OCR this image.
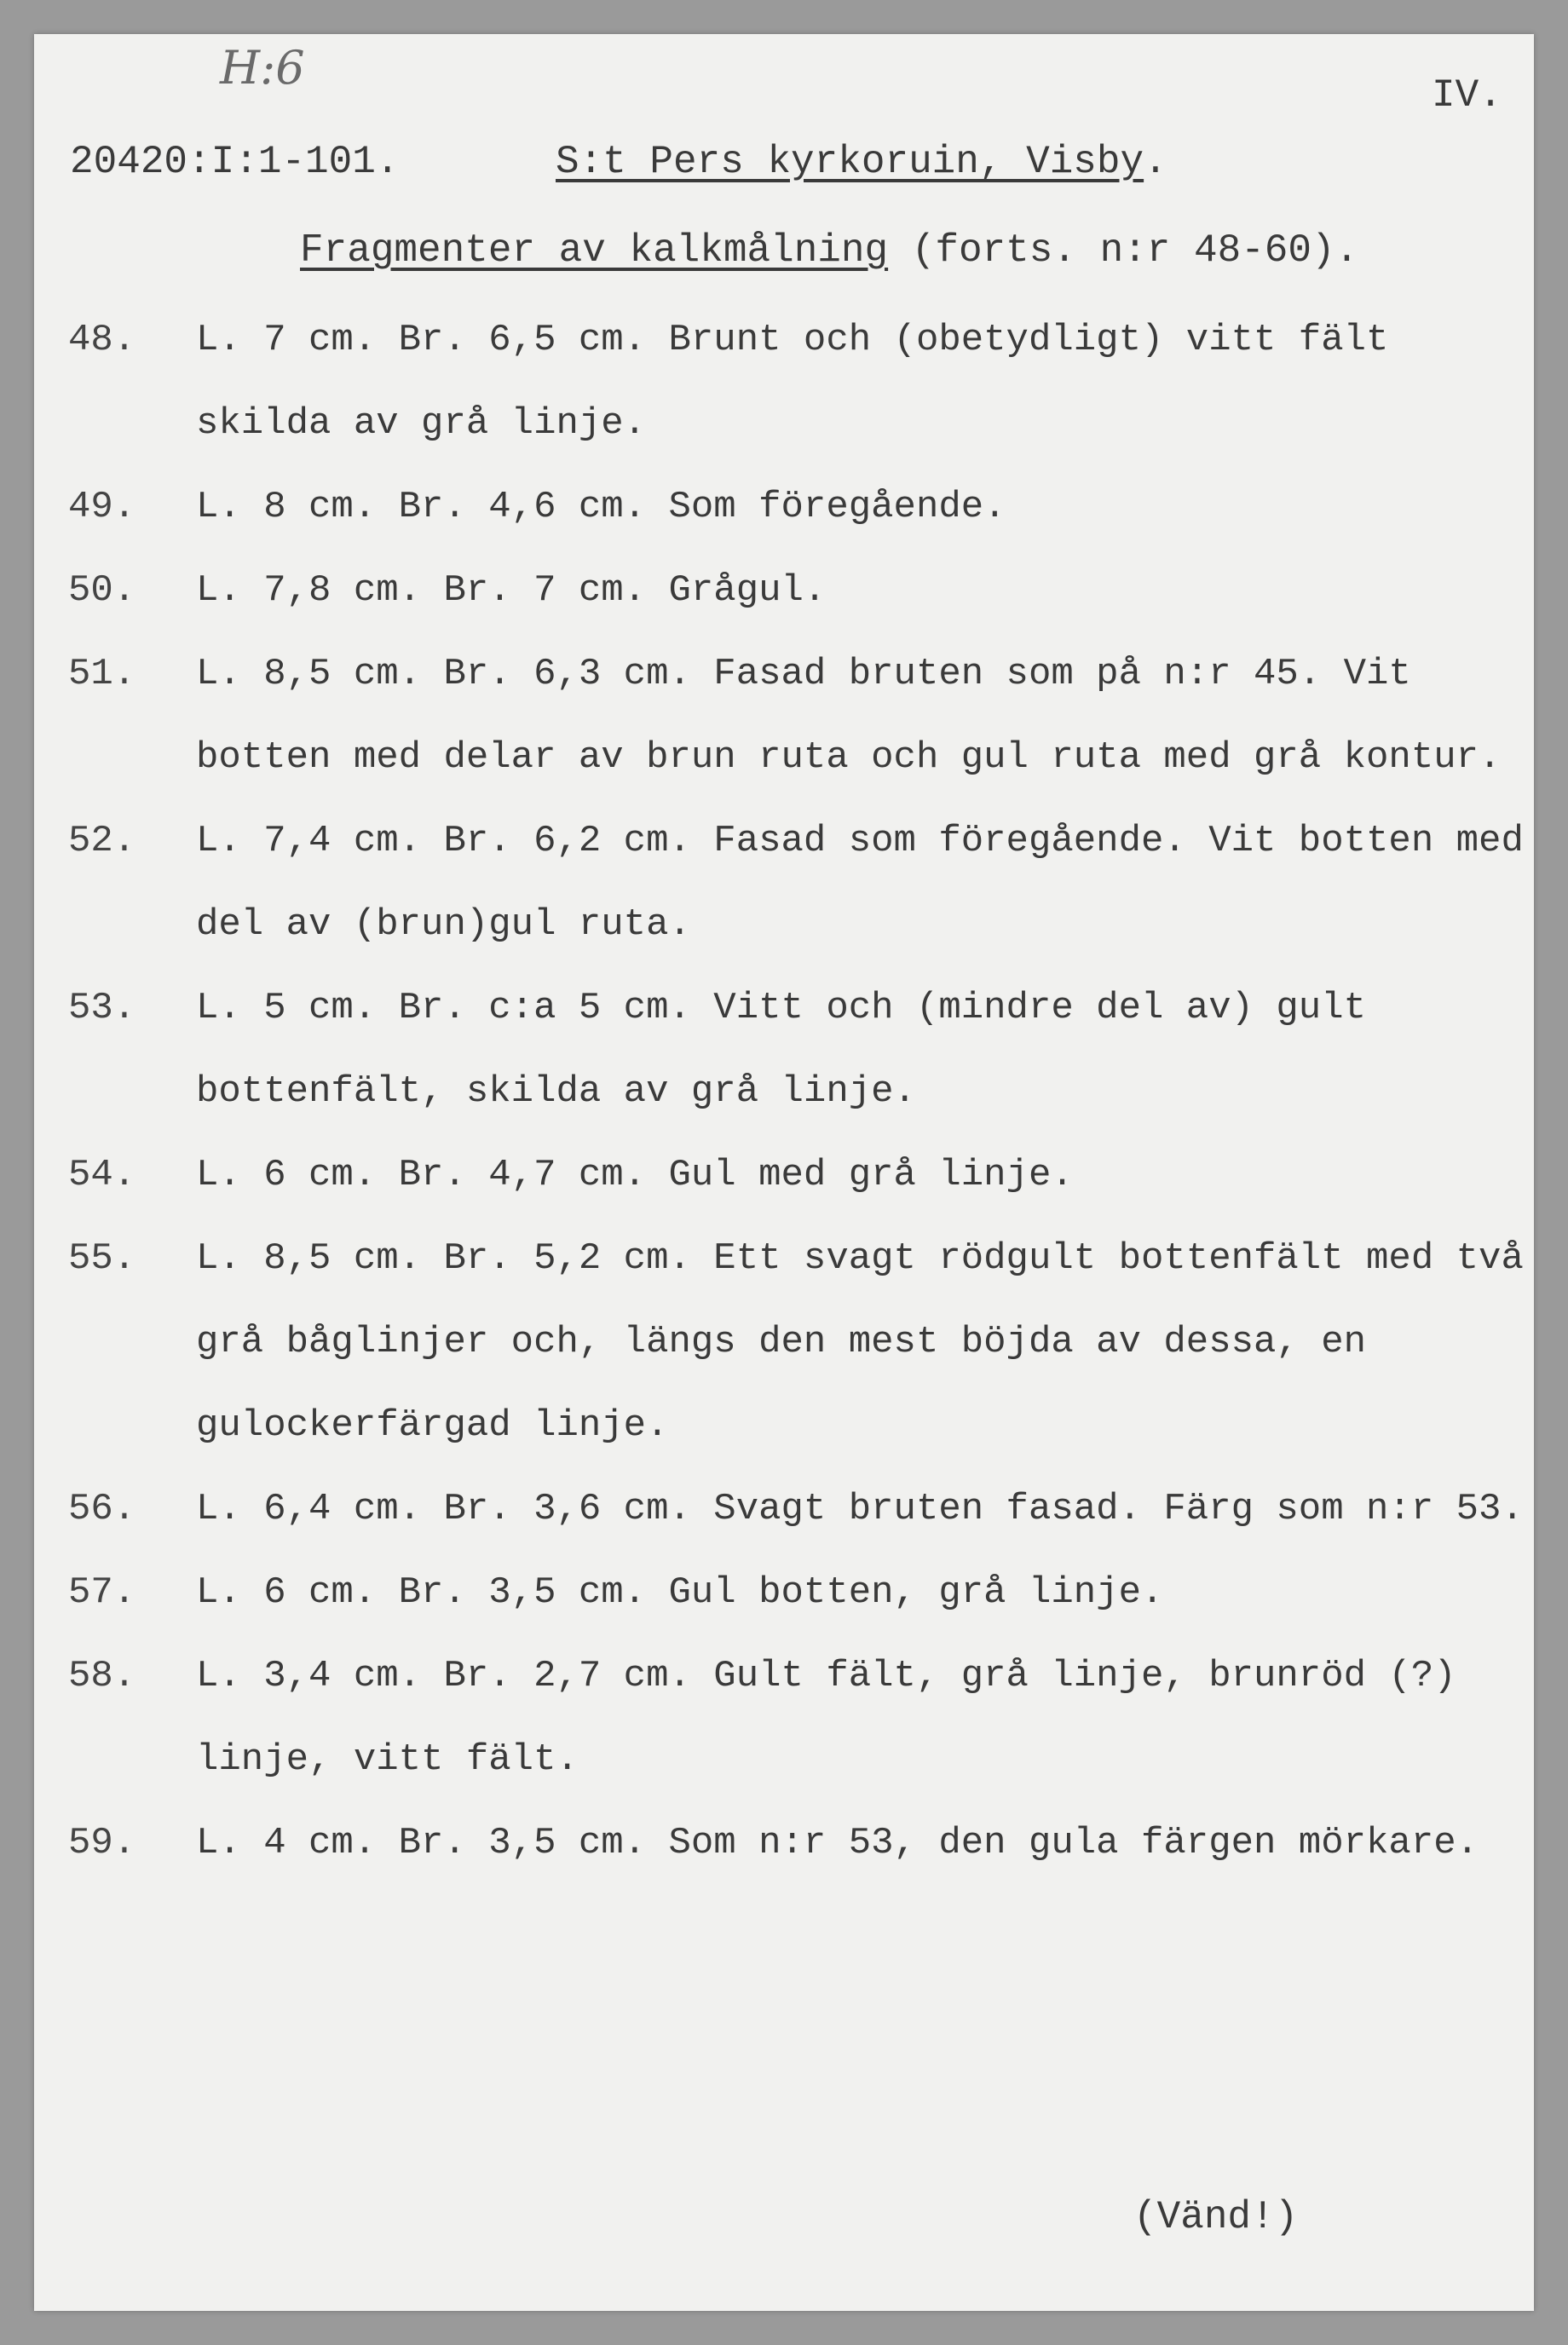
H:6
IV.
20420:I:1-101.	S:t Pers kyrkoruin, Visby.
Fragmenter av kalkmålning (forts. n:r 48-60).
48.	L. 7 cm. Br. 6,5 cm. Brunt och (obetydligt) vitt fält skilda av grå linje.
49.	L. 8 cm. Br. 4,6 cm. Som föregående.
50.	L. 7,8 cm. Br. 7 cm. Grågul.
51.	L. 8,5 cm. Br. 6,3 cm. Fasad bruten som på n:r 45. Vit botten med delar av brun ruta och gul ruta med grå kontur.
52.	L. 7,4 cm. Br. 6,2 cm. Fasad som föregående. Vit botten med del av (brun)gul ruta.
53.	L. 5 cm. Br. c:a 5 cm. Vitt och (mindre del av) gult bottenfält, skilda av grå linje.
54.	L. 6 cm. Br. 4,7 cm. Gul med grå linje.
55.	L. 8,5 cm. Br. 5,2 cm. Ett svagt rödgult bottenfält med två grå båglinjer och, längs den mest böjda av dessa, en gulockerfärgad linje.
56.	L. 6,4 cm. Br. 3,6 cm. Svagt bruten fasad. Färg som n:r 53.
57.	L. 6 cm. Br. 3,5 cm. Gul botten, grå linje.
58.	L. 3,4 cm. Br. 2,7 cm. Gult fält, grå linje, brunröd (?) linje, vitt fält.
59.	L. 4 cm. Br. 3,5 cm. Som n:r 53, den gula färgen mörkare.
(Vänd!)
